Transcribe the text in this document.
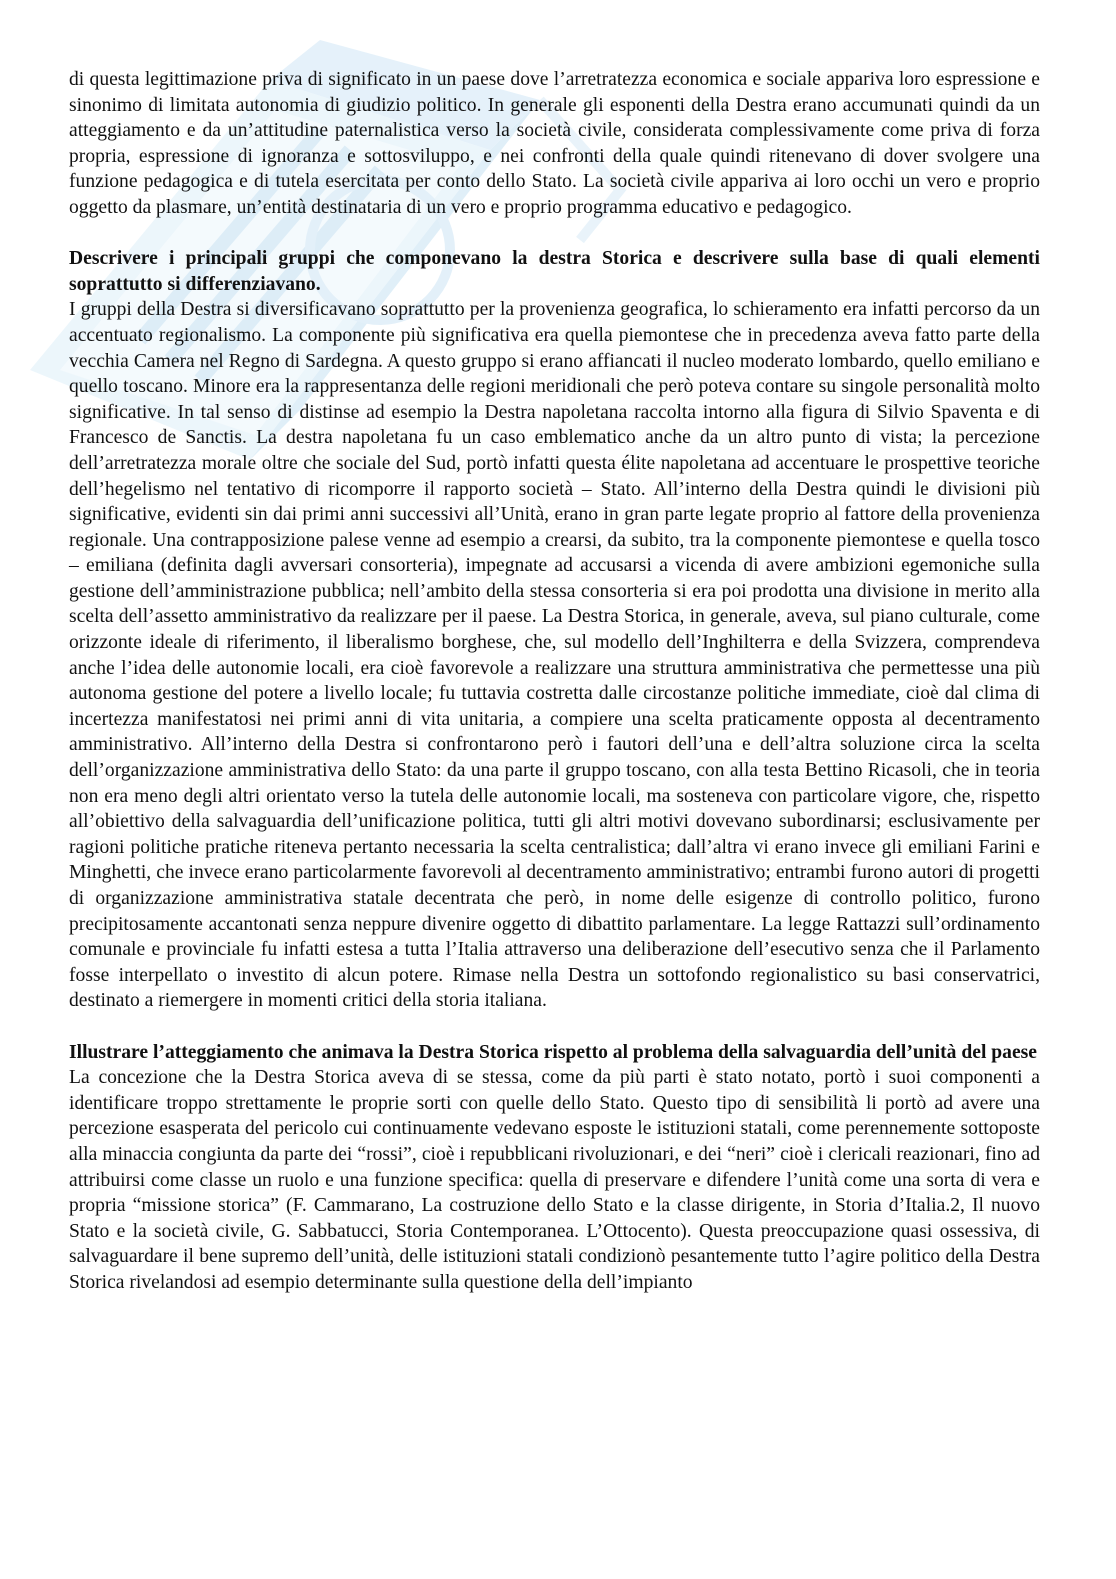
di questa legittimazione priva di significato in un paese dove l’arretratezza economica e sociale appariva loro espressione e sinonimo di limitata autonomia di giudizio politico. In generale gli esponenti della Destra erano accumunati quindi da un atteggiamento e da un’attitudine paternalistica verso la società civile, considerata complessivamente come priva di forza propria, espressione di ignoranza e sottosviluppo, e nei confronti della quale quindi ritenevano di dover svolgere una funzione pedagogica e di tutela esercitata per conto dello Stato. La società civile appariva ai loro occhi un vero e proprio oggetto da plasmare, un’entità destinataria di un vero e proprio programma educativo e pedagogico.

Descrivere i principali gruppi che componevano la destra Storica e descrivere sulla base di quali elementi soprattutto si differenziavano.

I gruppi della Destra si diversificavano soprattutto per la provenienza geografica, lo schieramento era infatti percorso da un accentuato regionalismo. La componente più significativa era quella piemontese che in precedenza aveva fatto parte della vecchia Camera nel Regno di Sardegna. A questo gruppo si erano affiancati il nucleo moderato lombardo, quello emiliano e quello toscano. Minore era la rappresentanza delle regioni meridionali che però poteva contare su singole personalità molto significative. In tal senso di distinse ad esempio la Destra napoletana raccolta intorno alla figura di Silvio Spaventa e di Francesco de Sanctis. La destra napoletana fu un caso emblematico anche da un altro punto di vista; la percezione dell’arretratezza morale oltre che sociale del Sud, portò infatti questa élite napoletana ad accentuare le prospettive teoriche dell’hegelismo nel tentativo di ricomporre il rapporto società – Stato. All’interno della Destra quindi le divisioni più significative, evidenti sin dai primi anni successivi all’Unità, erano in gran parte legate proprio al fattore della provenienza regionale. Una contrapposizione palese venne ad esempio a crearsi, da subito, tra la componente piemontese e quella tosco – emiliana (definita dagli avversari consorteria), impegnate ad accusarsi a vicenda di avere ambizioni egemoniche sulla gestione dell’amministrazione pubblica; nell’ambito della stessa consorteria si era poi prodotta una divisione in merito alla scelta dell’assetto amministrativo da realizzare per il paese. La Destra Storica, in generale, aveva, sul piano culturale, come orizzonte ideale di riferimento, il liberalismo borghese, che, sul modello dell’Inghilterra e della Svizzera, comprendeva anche l’idea delle autonomie locali, era cioè favorevole a realizzare una struttura amministrativa che permettesse una più autonoma gestione del potere a livello locale; fu tuttavia costretta dalle circostanze politiche immediate, cioè dal clima di incertezza manifestatosi nei primi anni di vita unitaria, a compiere una scelta praticamente opposta al decentramento amministrativo. All’interno della Destra si confrontarono però i fautori dell’una e dell’altra soluzione circa la scelta dell’organizzazione amministrativa dello Stato: da una parte il gruppo toscano, con alla testa Bettino Ricasoli, che in teoria non era meno degli altri orientato verso la tutela delle autonomie locali, ma sosteneva con particolare vigore, che, rispetto all’obiettivo della salvaguardia dell’unificazione politica, tutti gli altri motivi dovevano subordinarsi; esclusivamente per ragioni politiche pratiche riteneva pertanto necessaria la scelta centralistica; dall’altra vi erano invece gli emiliani Farini e Minghetti, che invece erano particolarmente favorevoli al decentramento amministrativo; entrambi furono autori di progetti di organizzazione amministrativa statale decentrata che però, in nome delle esigenze di controllo politico, furono precipitosamente accantonati senza neppure divenire oggetto di dibattito parlamentare. La legge Rattazzi sull’ordinamento comunale e provinciale fu infatti estesa a tutta l’Italia attraverso una deliberazione dell’esecutivo senza che il Parlamento fosse interpellato o investito di alcun potere. Rimase nella Destra un sottofondo regionalistico su basi conservatrici, destinato a riemergere in momenti critici della storia italiana.

Illustrare l’atteggiamento che animava la Destra Storica rispetto al problema della salvaguardia dell’unità del paese

La concezione che la Destra Storica aveva di se stessa, come da più parti è stato notato, portò i suoi componenti a identificare troppo strettamente le proprie sorti con quelle dello Stato. Questo tipo di sensibilità li portò ad avere una percezione esasperata del pericolo cui continuamente vedevano esposte le istituzioni statali, come perennemente sottoposte alla minaccia congiunta da parte dei “rossi”, cioè i repubblicani rivoluzionari, e dei “neri” cioè i clericali reazionari, fino ad attribuirsi come classe un ruolo e una funzione specifica: quella di preservare e difendere l’unità come una sorta di vera e propria “missione storica” (F. Cammarano, La costruzione dello Stato e la classe dirigente, in Storia d’Italia.2, Il nuovo Stato e la società civile, G. Sabbatucci, Storia Contemporanea. L’Ottocento). Questa preoccupazione quasi ossessiva, di salvaguardare il bene supremo dell’unità, delle istituzioni statali condizionò pesantemente tutto l’agire politico della Destra Storica rivelandosi ad esempio determinante sulla questione della dell’impianto
